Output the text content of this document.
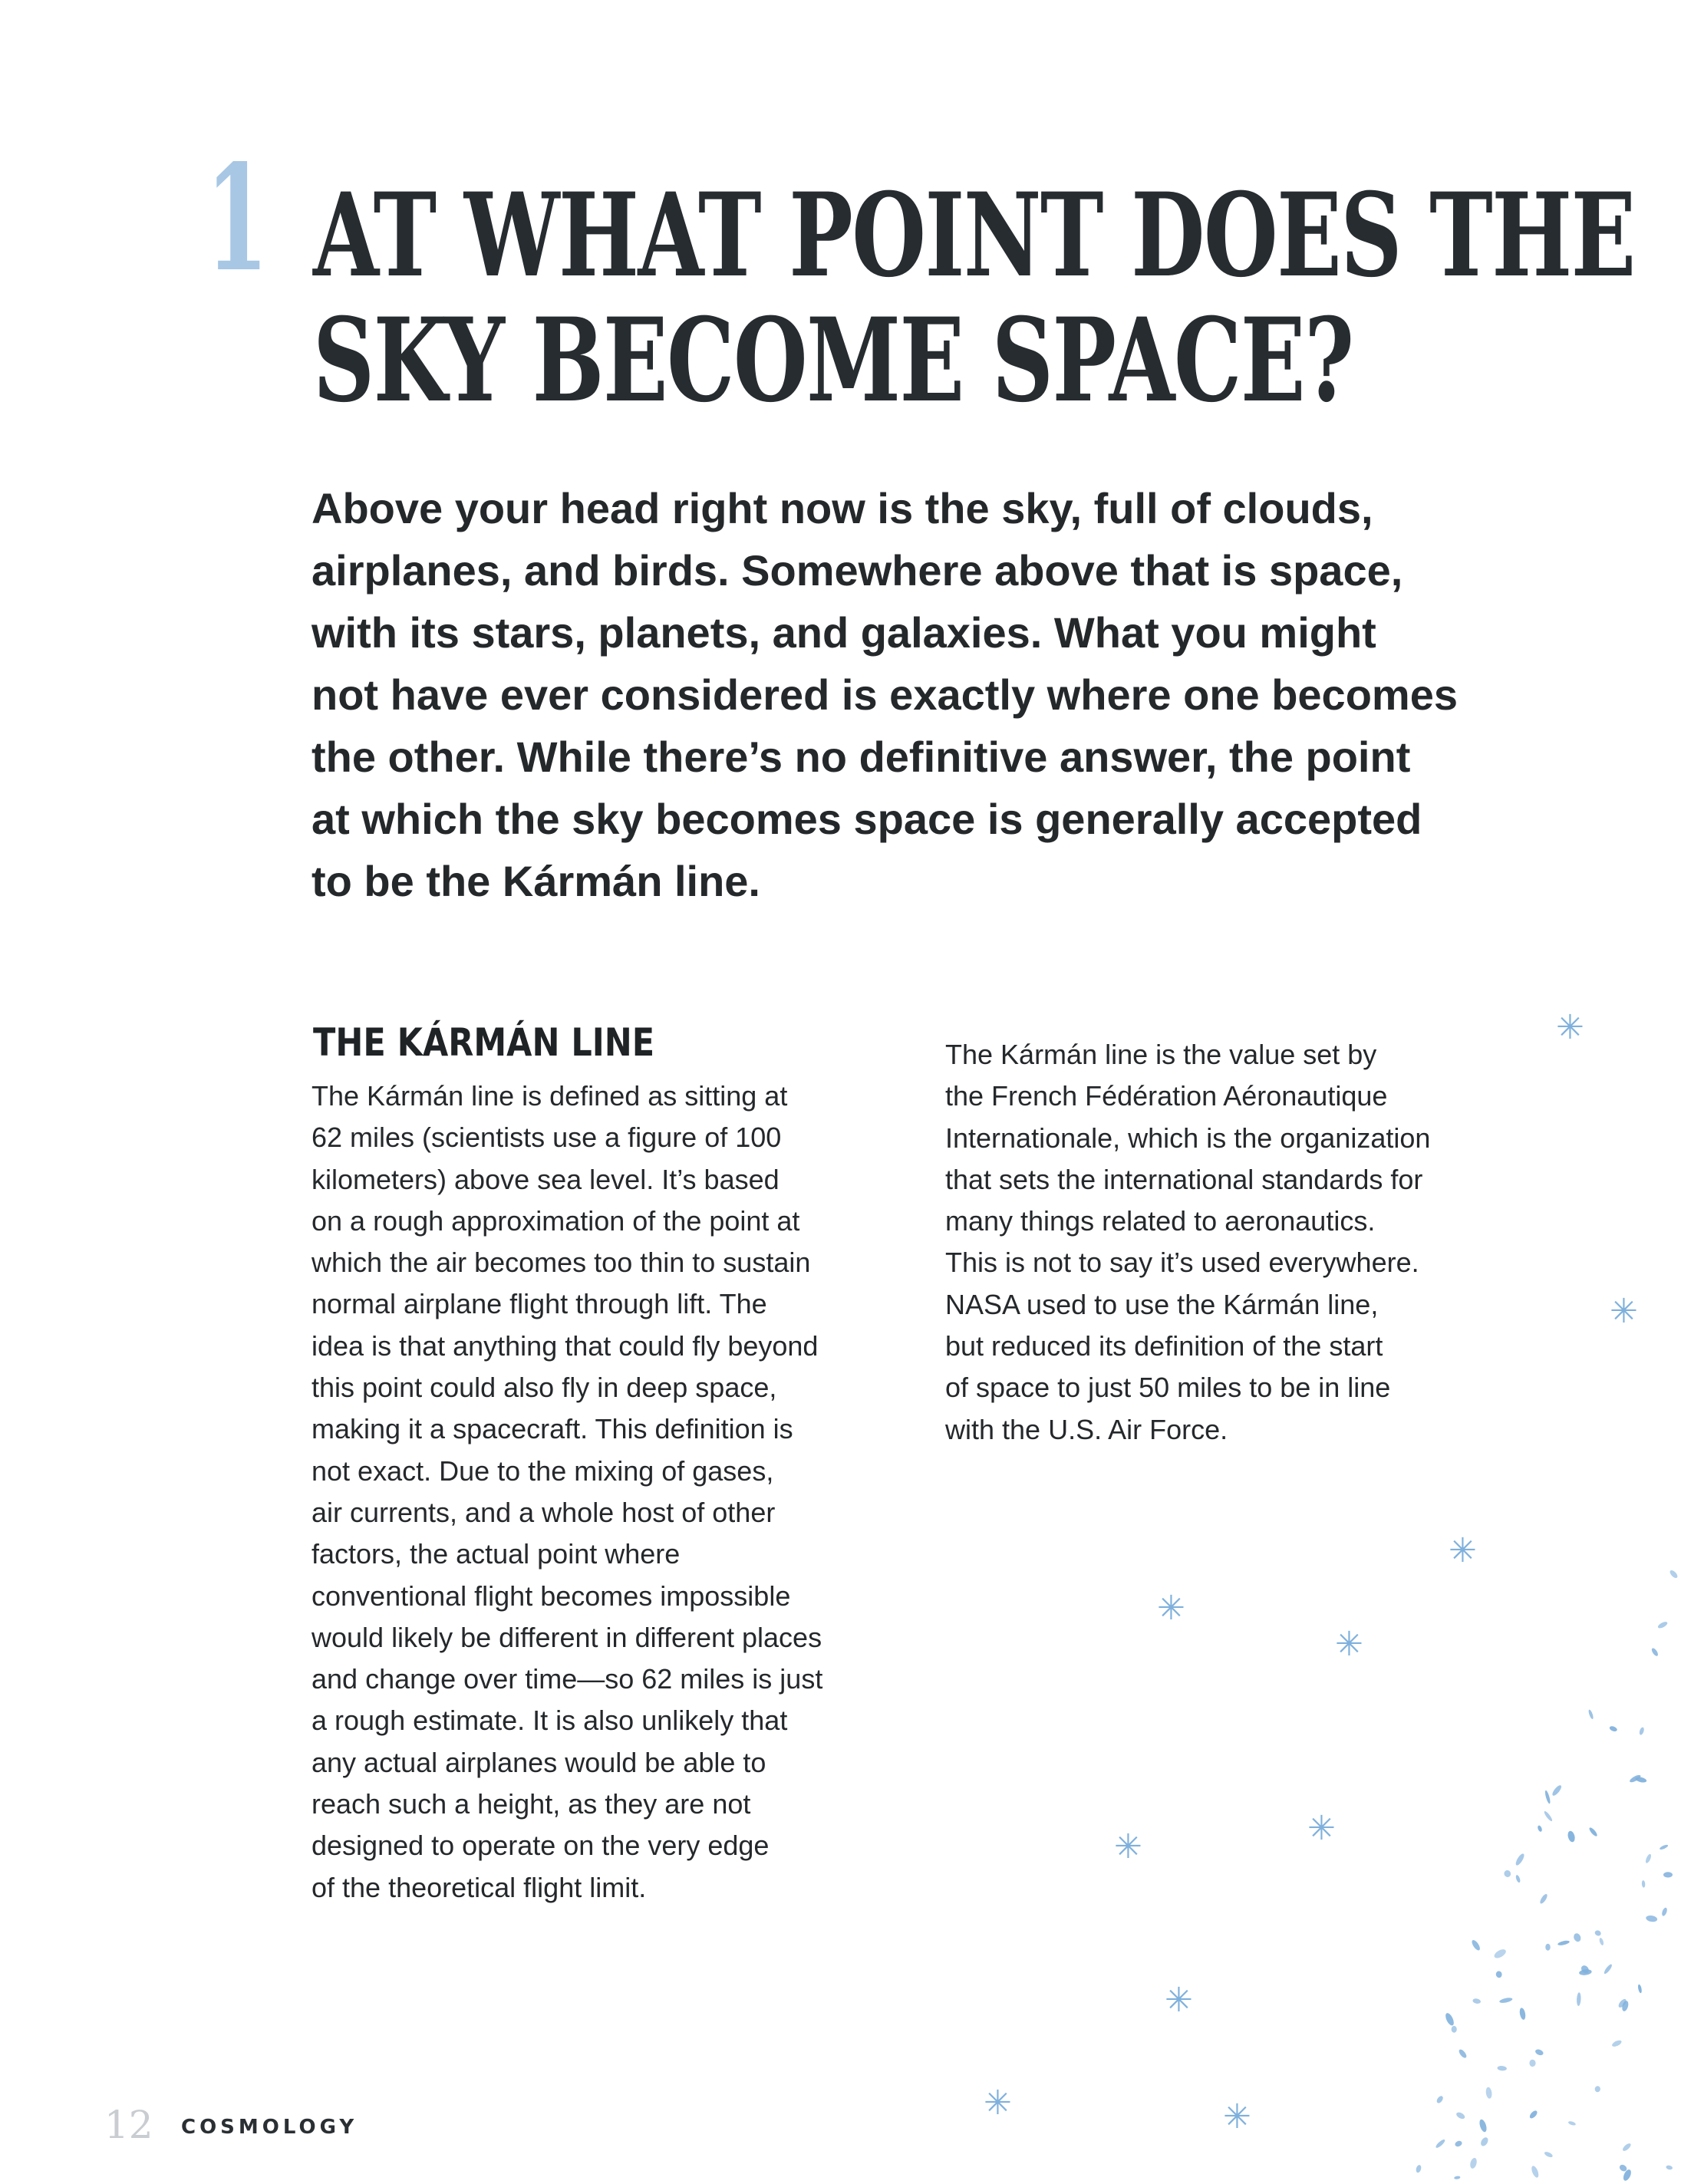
1 AT WHAT POINT DOES THE
SKY BECOME SPACE?
Above your head right now is the sky, full of clouds,
airplanes, and birds. Somewhere above that is space,
with its stars, planets, and galaxies. What you might
not have ever considered is exactly where one becomes
the other. While there’s no definitive answer, the point
at which the sky becomes space is generally accepted
to be the Kármán line.
THE KÁRMÁN LINE
The Kármán line is defined as sitting at
62 miles (scientists use a figure of 100
kilometers) above sea level. It’s based
on a rough approximation of the point at
which the air becomes too thin to sustain
normal airplane flight through lift. The
idea is that anything that could fly beyond
this point could also fly in deep space,
making it a spacecraft. This definition is
not exact. Due to the mixing of gases,
air currents, and a whole host of other
factors, the actual point where
conventional flight becomes impossible
would likely be different in different places
and change over time—so 62 miles is just
a rough estimate. It is also unlikely that
any actual airplanes would be able to
reach such a height, as they are not
designed to operate on the very edge
of the theoretical flight limit.
The Kármán line is the value set by
the French Fédération Aéronautique
Internationale, which is the organization
that sets the international standards for
many things related to aeronautics.
This is not to say it’s used everywhere.
NASA used to use the Kármán line,
but reduced its definition of the start
of space to just 50 miles to be in line
with the U.S. Air Force.
✳
✳
✳
✳
✳
✳
✳
✳
✳	✳
12 COSMOLOGY
